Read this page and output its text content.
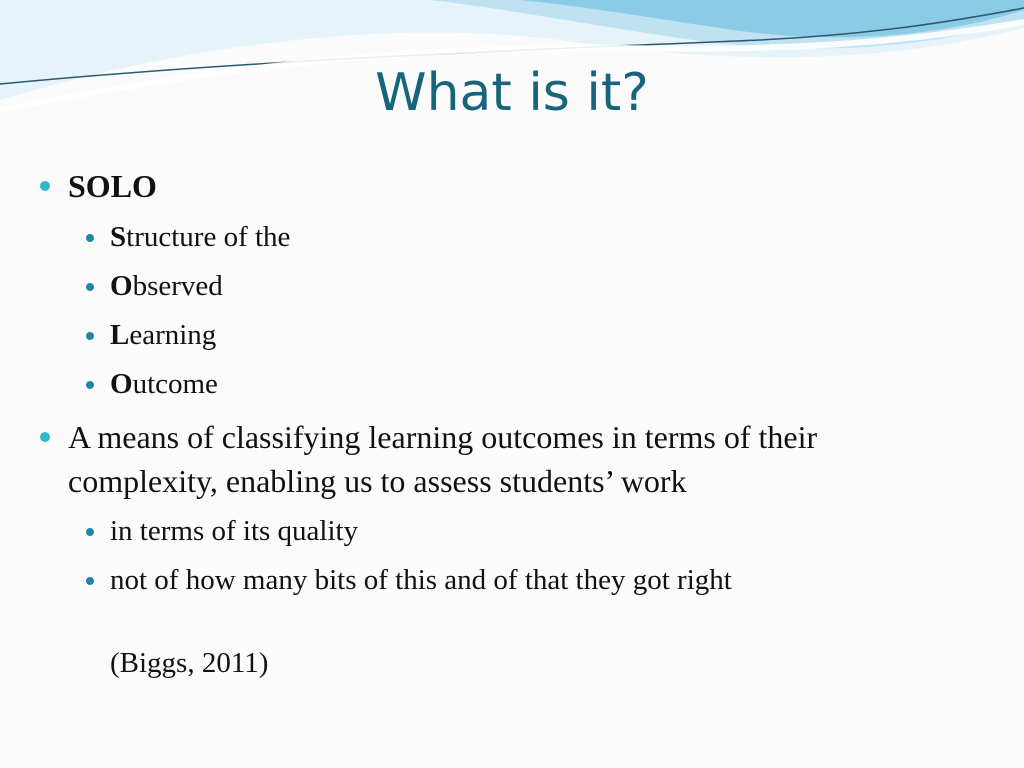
What is it?
SOLO
Structure of the
Observed
Learning
Outcome
A means of classifying learning outcomes in terms of their complexity, enabling us to assess students’ work
in terms of its quality
not of how many bits of this and of that they got right
(Biggs, 2011)
